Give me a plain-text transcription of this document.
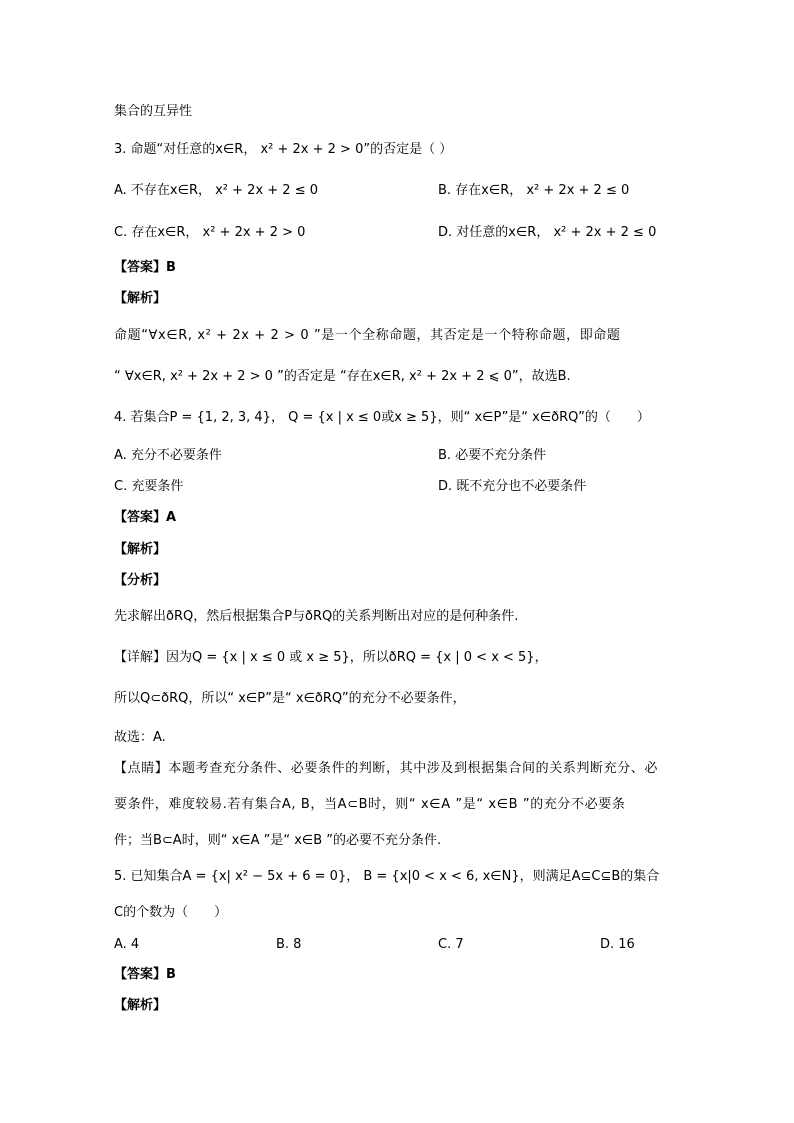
集合的互异性
3. 命题“对任意的x∈R， x² + 2x + 2 > 0”的否定是（ ）
A. 不存在x∈R， x² + 2x + 2 ≤ 0	B. 存在x∈R， x² + 2x + 2 ≤ 0
C. 存在x∈R， x² + 2x + 2 > 0	D. 对任意的x∈R， x² + 2x + 2 ≤ 0
【答案】B
【解析】
命题“∀x∈R, x² + 2x + 2 > 0 ”是一个全称命题，其否定是一个特称命题，即命题
“ ∀x∈R, x² + 2x + 2 > 0 ”的否定是 “存在x∈R, x² + 2x + 2 ⩽ 0”，故选B.
4. 若集合P = {1, 2, 3, 4}， Q = {x | x ≤ 0或x ≥ 5}，则“ x∈P”是“ x∈ð​RQ”的（　　）
A. 充分不必要条件	B. 必要不充分条件
C. 充要条件	D. 既不充分也不必要条件
【答案】A
【解析】
【分析】
先求解出ðRQ，然后根据集合P与ðRQ的关系判断出对应的是何种条件.
【详解】因为Q = {x | x ≤ 0 或 x ≥ 5}，所以ðRQ = {x | 0 < x < 5}，
所以Q⊂ðRQ，所以“ x∈P”是“ x∈ðRQ”的充分不必要条件，
故选：A.
【点睛】本题考查充分条件、必要条件的判断，其中涉及到根据集合间的关系判断充分、必
要条件，难度较易.若有集合A, B，当A⊂B时，则“ x∈A ”是“ x∈B ”的充分不必要条
件；当B⊂A时，则“ x∈A ”是“ x∈B ”的必要不充分条件.
5. 已知集合A = {x| x² − 5x + 6 = 0}， B = {x|0 < x < 6, x∈N}，则满足A⊆C⊆B的集合
C的个数为（　　）
A. 4	B. 8	C. 7	D. 16
【答案】B
【解析】
